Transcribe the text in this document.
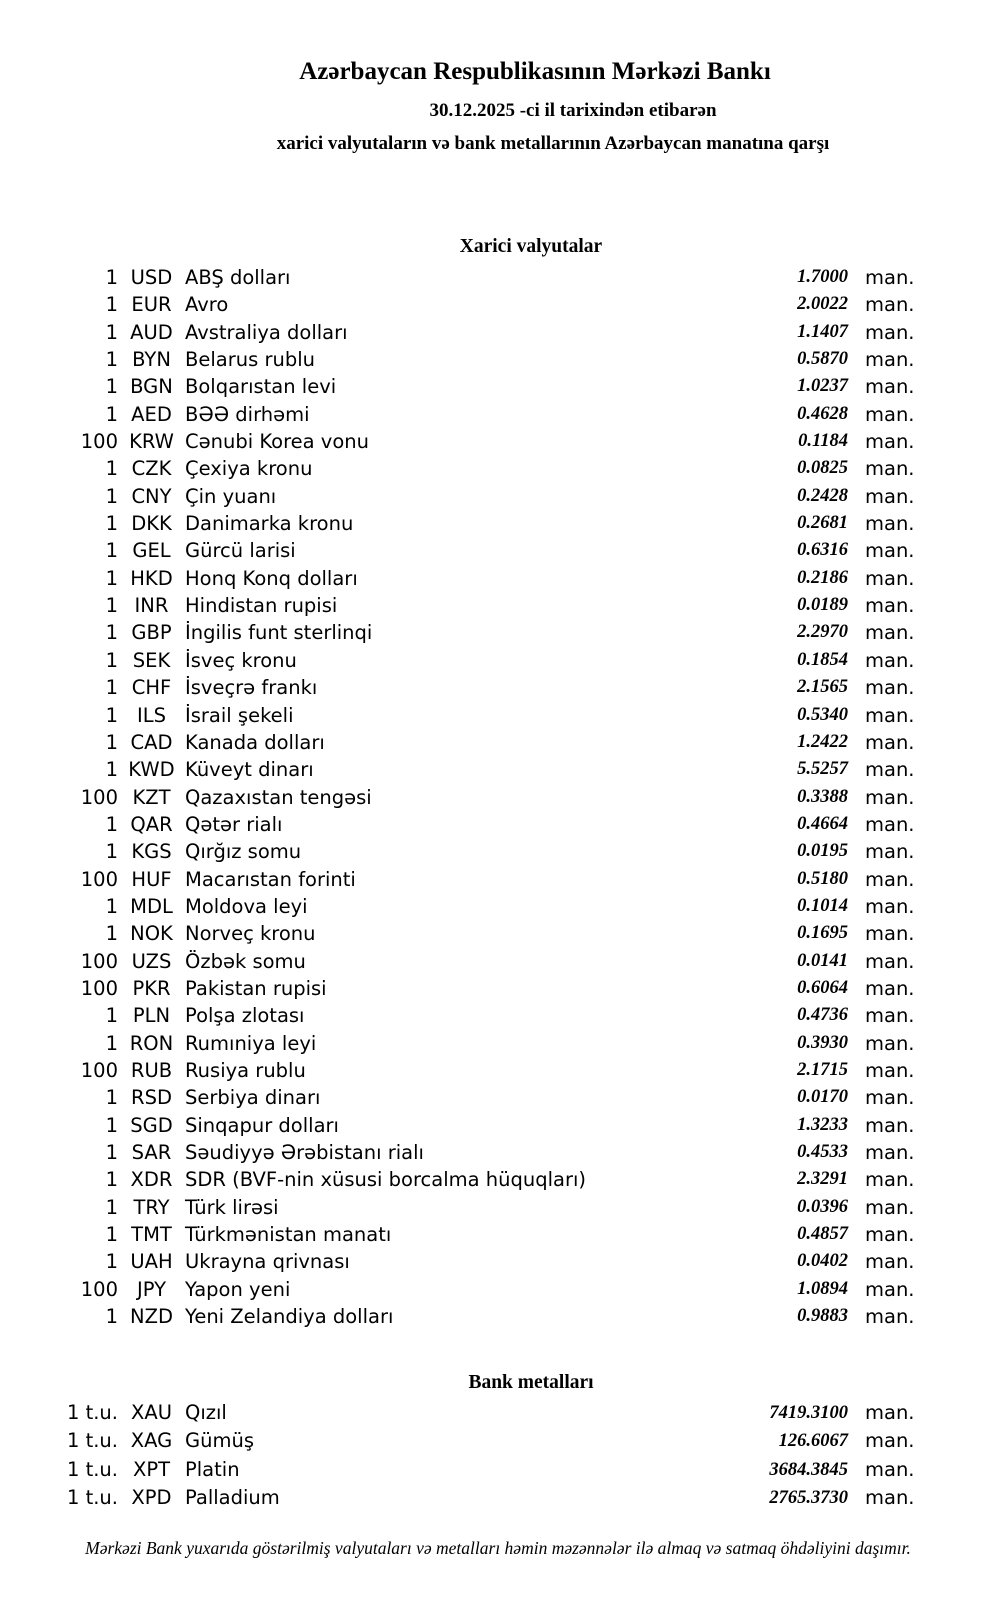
Azərbaycan Respublikasının Mərkəzi Bankı
30.12.2025 -ci il tarixindən etibarən
xarici valyutaların və bank metallarının Azərbaycan manatına qarşı
Xarici valyutalar
1 USD ABŞ dolları	1.7000 man.
1 EUR Avro	2.0022 man.
1 AUD Avstraliya dolları	1.1407 man.
1 BYN Belarus rublu	0.5870 man.
1 BGN Bolqarıstan levi	1.0237 man.
1 AED BƏƏ dirhəmi	0.4628 man.
100 KRW Cənubi Korea vonu	0.1184 man.
1 CZK Çexiya kronu	0.0825 man.
1 CNY Çin yuanı	0.2428 man.
1 DKK Danimarka kronu	0.2681 man.
1 GEL Gürcü larisi	0.6316 man.
1 HKD Honq Konq dolları	0.2186 man.
1 INR Hindistan rupisi	0.0189 man.
1 GBP İngilis funt sterlinqi	2.2970 man.
1 SEK İsveç kronu	0.1854 man.
1 CHF İsveçrə frankı	2.1565 man.
1 ILS İsrail şekeli	0.5340 man.
1 CAD Kanada dolları	1.2422 man.
1 KWD Küveyt dinarı	5.5257 man.
100 KZT Qazaxıstan tengəsi	0.3388 man.
1 QAR Qətər rialı	0.4664 man.
1 KGS Qırğız somu	0.0195 man.
100 HUF Macarıstan forinti	0.5180 man.
1 MDL Moldova leyi	0.1014 man.
1 NOK Norveç kronu	0.1695 man.
100 UZS Özbək somu	0.0141 man.
100 PKR Pakistan rupisi	0.6064 man.
1 PLN Polşa zlotası	0.4736 man.
1 RON Rumıniya leyi	0.3930 man.
100 RUB Rusiya rublu	2.1715 man.
1 RSD Serbiya dinarı	0.0170 man.
1 SGD Sinqapur dolları	1.3233 man.
1 SAR Səudiyyə Ərəbistanı rialı	0.4533 man.
1 XDR SDR (BVF-nin xüsusi borcalma hüquqları)	2.3291 man.
1 TRY Türk lirəsi	0.0396 man.
1 TMT Türkmənistan manatı	0.4857 man.
1 UAH Ukrayna qrivnası	0.0402 man.
100 JPY Yapon yeni	1.0894 man.
1 NZD Yeni Zelandiya dolları	0.9883 man.
Bank metalları
1 t.u. XAU Qızıl	7419.3100 man.
1 t.u. XAG Gümüş	126.6067 man.
1 t.u. XPT Platin	3684.3845 man.
1 t.u. XPD Palladium	2765.3730 man.
Mərkəzi Bank yuxarıda göstərilmiş valyutaları və metalları həmin məzənnələr ilə almaq və satmaq öhdəliyini daşımır.
